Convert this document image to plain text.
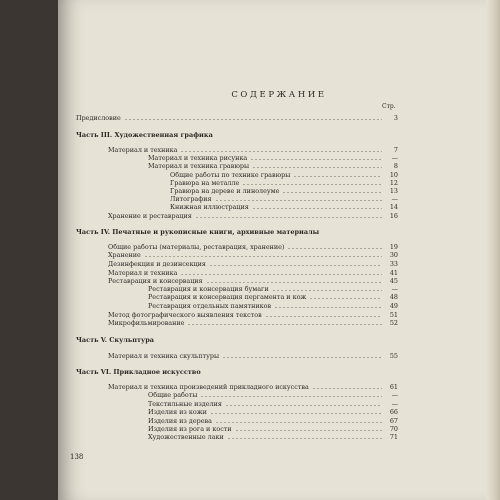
СОДЕРЖАНИЕ
Стр.
Предисловие	3
Часть III. Художественная графика
Материал и техника	7
Материал и техника рисунка	—
Материал и техника гравюры	8
Общие работы по технике гравюры	10
Гравюра на металле	12
Гравюра на дереве и линолеуме	13
Литография	—
Книжная иллюстрация	14
Хранение и реставрация	16
Часть IV. Печатные и рукописные книги, архивные материалы
Общие работы (материалы, реставрация, хранение)	19
Хранение	30
Дезинфекция и дезинсекция	33
Материал и техника	41
Реставрация и консервация	45
Реставрация и консервация бумаги	—
Реставрация и консервация пергамента и кож	48
Реставрация отдельных памятников	49
Метод фотографического выявления текстов	51
Микрофильмирование	52
Часть V. Скульптура
Материал и техника скульптуры	55
Часть VI. Прикладное искусство
Материал и техника произведений прикладного искусства	61
Общие работы	—
Текстильные изделия	—
Изделия из кожи	66
Изделия из дерева	67
Изделия из рога и кости	70
Художественные лаки	71
138
